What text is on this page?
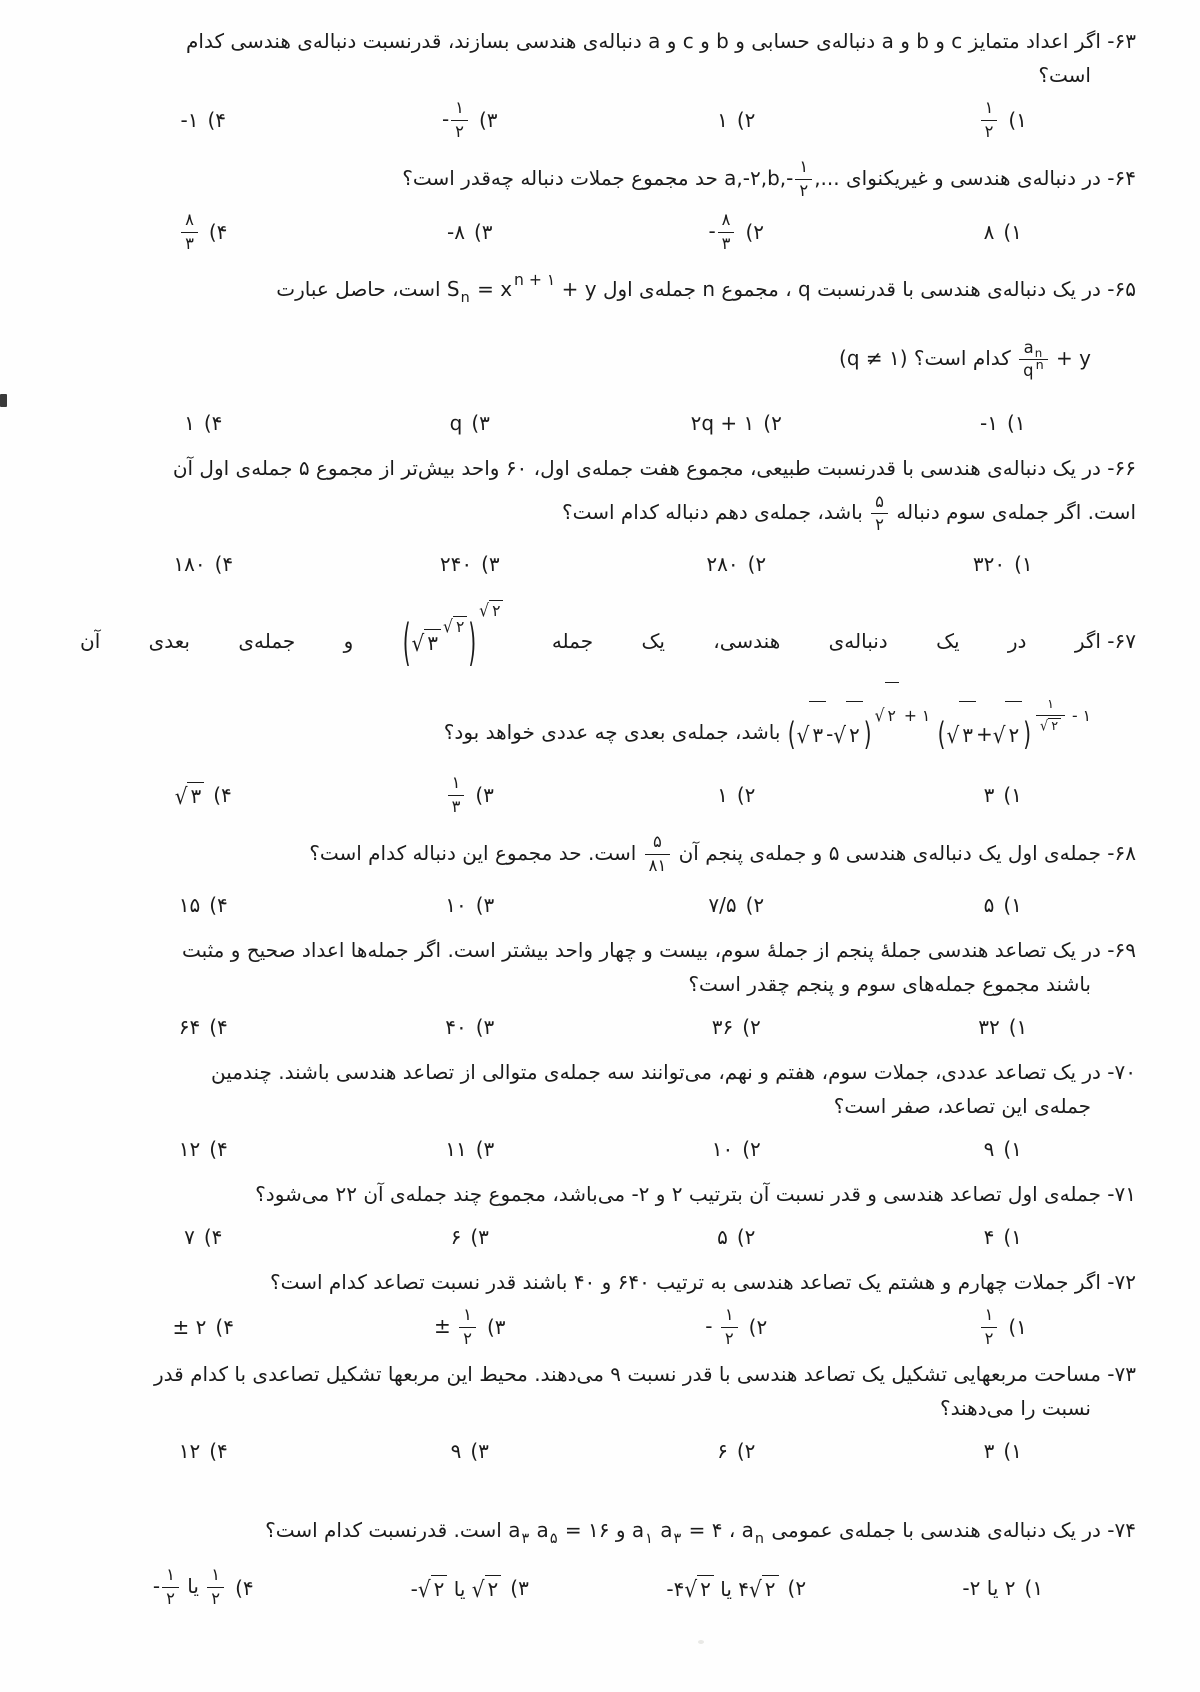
۶۳- اگر اعداد متمایز c و b و a دنباله‌ی حسابی و b و c و a دنباله‌ی هندسی بسازند، قدرنسبت دنباله‌ی هندسی کدام
است؟
$\frac{۱}{۲}$ (۱
۱ (۲
- $\frac{۱}{۲}$ (۳
-۱ (۴
۶۴- در دنباله‌ی هندسی و غیریکنوای a,-۲,b,- $\frac{۱}{۲}$ ,... حد مجموع جملات دنباله چه‌قدر است؟
۸ (۱
- $\frac{۸}{۳}$ (۲
-۸ (۳
$\frac{۸}{۳}$ (۴
۶۵- در یک دنباله‌ی هندسی با قدرنسبت q ، مجموع n جمله‌ی اول $S_n = x$ n + ۱ + y است، حاصل عبارت
$\frac{a_n}{\text{q n}} + y$ کدام است؟ (q ≠ ۱)
-۱ (۱
۲q + ۱ (۲
q (۳
۱ (۴
۶۶- در یک دنباله‌ی هندسی با قدرنسبت طبیعی، مجموع هفت جمله‌ی اول، ۶۰ واحد بیش‌تر از مجموع ۵ جمله‌ی اول آن
است. اگر جمله‌ی سوم دنباله
$\frac{۵}{۲}$
باشد، جمله‌ی دهم دنباله کدام است؟
۳۲۰ (۱
۲۸۰ (۲
۲۴۰ (۳
۱۸۰ (۴
۶۷- اگر
در
یک
دنباله‌ی
هندسی،
یک
جمله
( √ ۳
√ ۲ )
√ ۲
و
جمله‌ی
بعدی
آن
( √ ۳ + √ ۲ ) $\frac{۱}{√ ۲}$ - ۱
( √ ۳ - √ ۲ ) √ ۲ + ۱ باشد، جمله‌ی بعدی چه عددی خواهد بود؟
۳ (۱
۱ (۲
$\frac{۱}{۳}$ (۳
√ ۳ (۴
۶۸- جمله‌ی اول یک دنباله‌ی هندسی ۵ و جمله‌ی پنجم آن
$\frac{۵}{۸۱}$
است. حد مجموع این دنباله کدام است؟
۵ (۱
۷/۵ (۲
۱۰ (۳
۱۵ (۴
۶۹- در یک تصاعد هندسی جملهٔ پنجم از جملهٔ سوم، بیست و چهار واحد بیشتر است. اگر جمله‌ها اعداد صحیح و مثبت
باشند مجموع جمله‌های سوم و پنجم چقدر است؟
۳۲ (۱
۳۶ (۲
۴۰ (۳
۶۴ (۴
۷۰- در یک تصاعد عددی، جملات سوم، هفتم و نهم، می‌توانند سه جمله‌ی متوالی از تصاعد هندسی باشند. چندمین
جمله‌ی این تصاعد، صفر است؟
۹ (۱
۱۰ (۲
۱۱ (۳
۱۲ (۴
۷۱- جمله‌ی اول تصاعد هندسی و قدر نسبت آن بترتیب ۲ و -۲ می‌باشد، مجموع چند جمله‌ی آن ۲۲ می‌شود؟
۴ (۱
۵ (۲
۶ (۳
۷ (۴
۷۲- اگر جملات چهارم و هشتم یک تصاعد هندسی به ترتیب ۶۴۰ و ۴۰ باشند قدر نسبت تصاعد کدام است؟
$\frac{۱}{۲}$ (۱
- $\frac{۱}{۲}$ (۲
± $\frac{۱}{۲}$ (۳
± ۲ (۴
۷۳- مساحت مربعهایی تشکیل یک تصاعد هندسی با قدر نسبت ۹ می‌دهند. محیط این مربعها تشکیل تصاعدی با کدام قدر
نسبت را می‌دهند؟
۳ (۱
۶ (۲
۹ (۳
۱۲ (۴
۷۴- در یک دنباله‌ی هندسی با جمله‌ی عمومی $a_n$ ، $a_۱$ $a_۳$ = ۴ و $a_۳$ $a_۵$ = ۱۶ است. قدرنسبت کدام است؟
۲ یا -۲	(۱
۴√ ۲ یا -۴√ ۲	(۲
√ ۲ یا -√ ۲	(۳
$\frac{۱}{۲}$
یا - $\frac{۱}{۲}$	(۴
